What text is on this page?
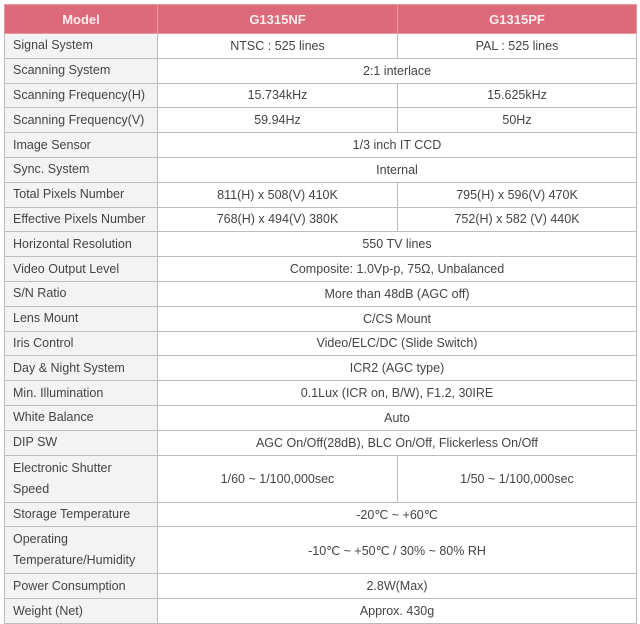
Model	G1315NF	G1315PF
Signal System	NTSC : 525 lines	PAL : 525 lines
Scanning System	2:1 interlace	
Scanning Frequency(H)	15.734kHz	15.625kHz
Scanning Frequency(V)	59.94Hz	50Hz
Image Sensor	1/3 inch IT CCD	
Sync. System	Internal	
Total Pixels Number	811(H) x 508(V) 410K	795(H) x 596(V) 470K
Effective Pixels Number	768(H) x 494(V) 380K	752(H) x 582 (V) 440K
Horizontal Resolution	550 TV lines	
Video Output Level	Composite: 1.0Vp-p, 75Ω, Unbalanced	
S/N Ratio	More than 48dB (AGC off)	
Lens Mount	C/CS Mount	
Iris Control	Video/ELC/DC (Slide Switch)	
Day & Night System	ICR2 (AGC type)	
Min. Illumination	0.1Lux (ICR on, B/W), F1.2, 30IRE	
White Balance	Auto	
DIP SW	AGC On/Off(28dB), BLC On/Off, Flickerless On/Off	
Electronic Shutter Speed	1/60 ~ 1/100,000sec	1/50 ~ 1/100,000sec
Storage Temperature	-20℃ ~ +60℃	
Operating Temperature/Humidity	-10℃ ~ +50℃ / 30% ~ 80% RH	
Power Consumption	2.8W(Max)	
Weight (Net)	Approx. 430g	
